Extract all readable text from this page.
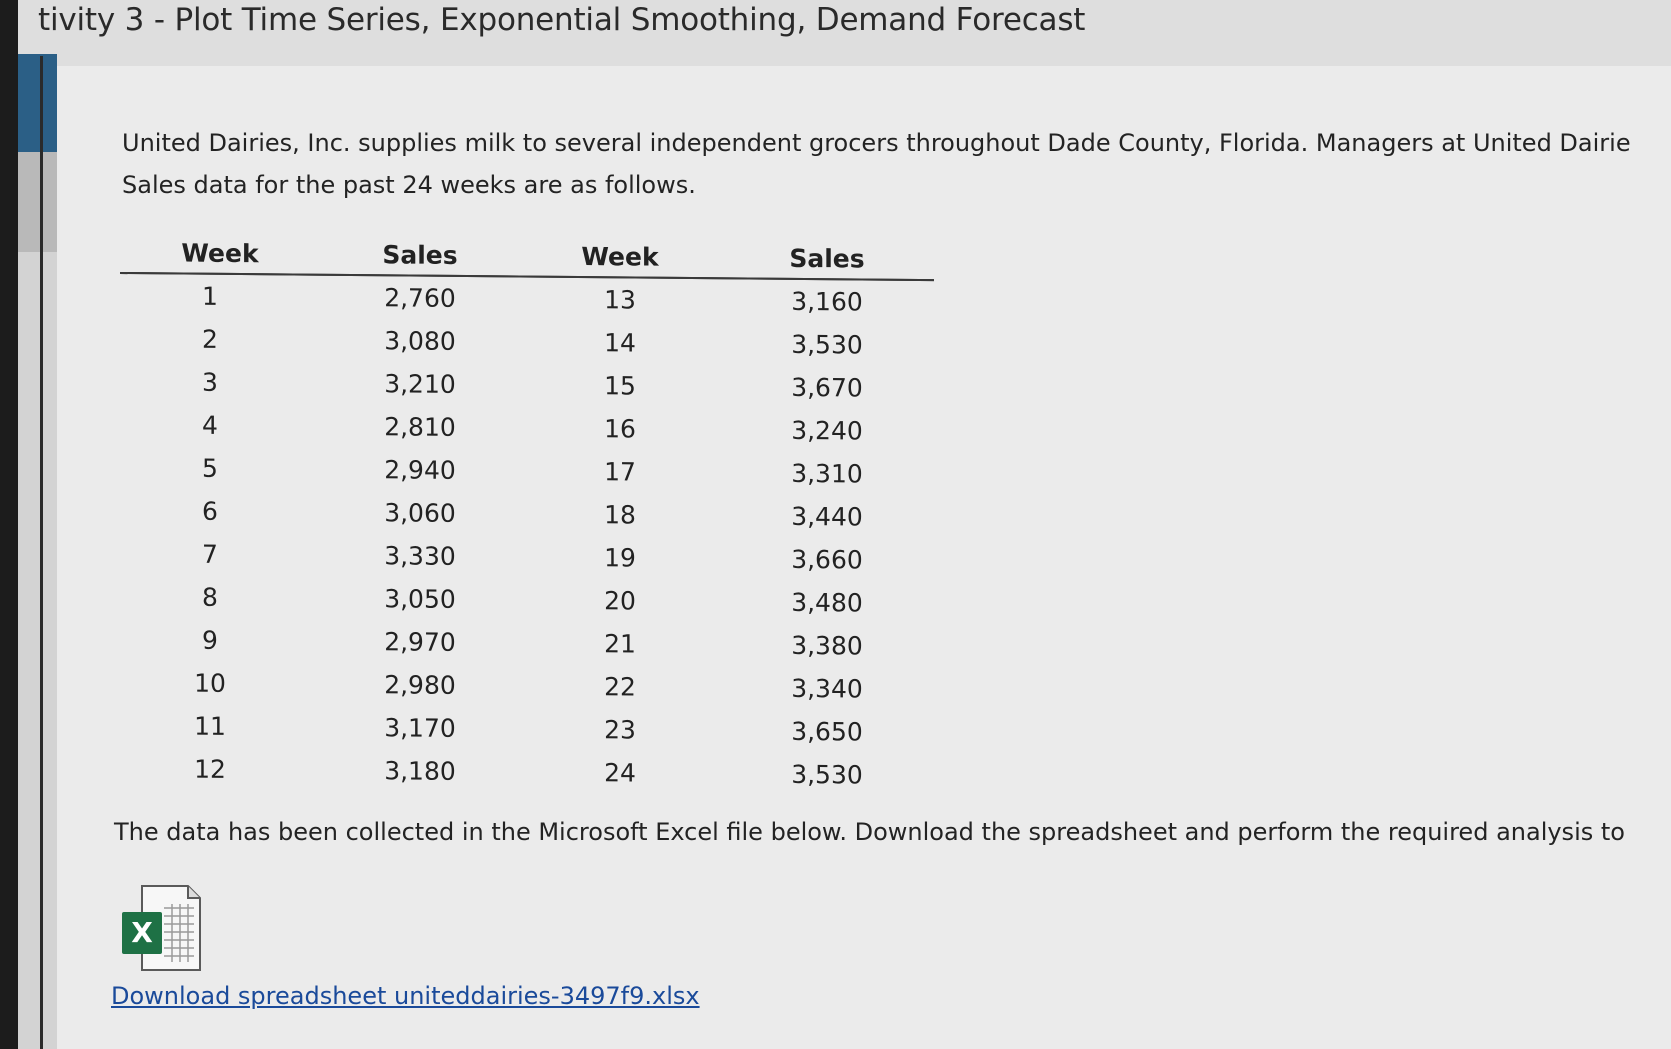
tivity 3 - Plot Time Series, Exponential Smoothing, Demand Forecast
United Dairies, Inc. supplies milk to several independent grocers throughout Dade County, Florida. Managers at United Dairie
Sales data for the past 24 weeks are as follows.
Week	Sales	Week	Sales
1	2,760	13	3,160
2	3,080	14	3,530
3	3,210	15	3,670
4	2,810	16	3,240
5	2,940	17	3,310
6	3,060	18	3,440
7	3,330	19	3,660
8	3,050	20	3,480
9	2,970	21	3,380
10	2,980	22	3,340
11	3,170	23	3,650
12	3,180	24	3,530
The data has been collected in the Microsoft Excel file below. Download the spreadsheet and perform the required analysis to
X
Download spreadsheet uniteddairies-3497f9.xlsx
